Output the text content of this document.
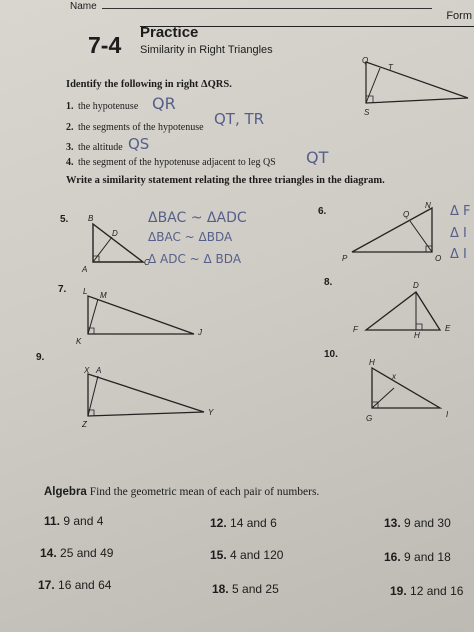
Name
Form
7-4 Practice
Similarity in Right Triangles
Identify the following in right ΔQRS.
1. the hypotenuse QR
2. the segments of the hypotenuse QT, TR
3. the altitude QS
4. the segment of the hypotenuse adjacent to leg QS QT
Q
T
S
Write a similarity statement relating the three triangles in the diagram.
5. B
D
A
C
ΔBAC ~ ΔADC
ΔBAC ~ ΔBDA
Δ ADC ~ Δ BDA
6.
N
Q
P	O
Δ F
Δ I
Δ I
7. L M
K
J
8.	D
F
H
E
9.
X A
Z
Y
10.
H
x
G	I
Algebra Find the geometric mean of each pair of numbers.
11. 9 and 4	12. 14 and 6	13. 9 and 30
14. 25 and 49	15. 4 and 120	16. 9 and 18
17. 16 and 64	18. 5 and 25	19. 12 and 16
